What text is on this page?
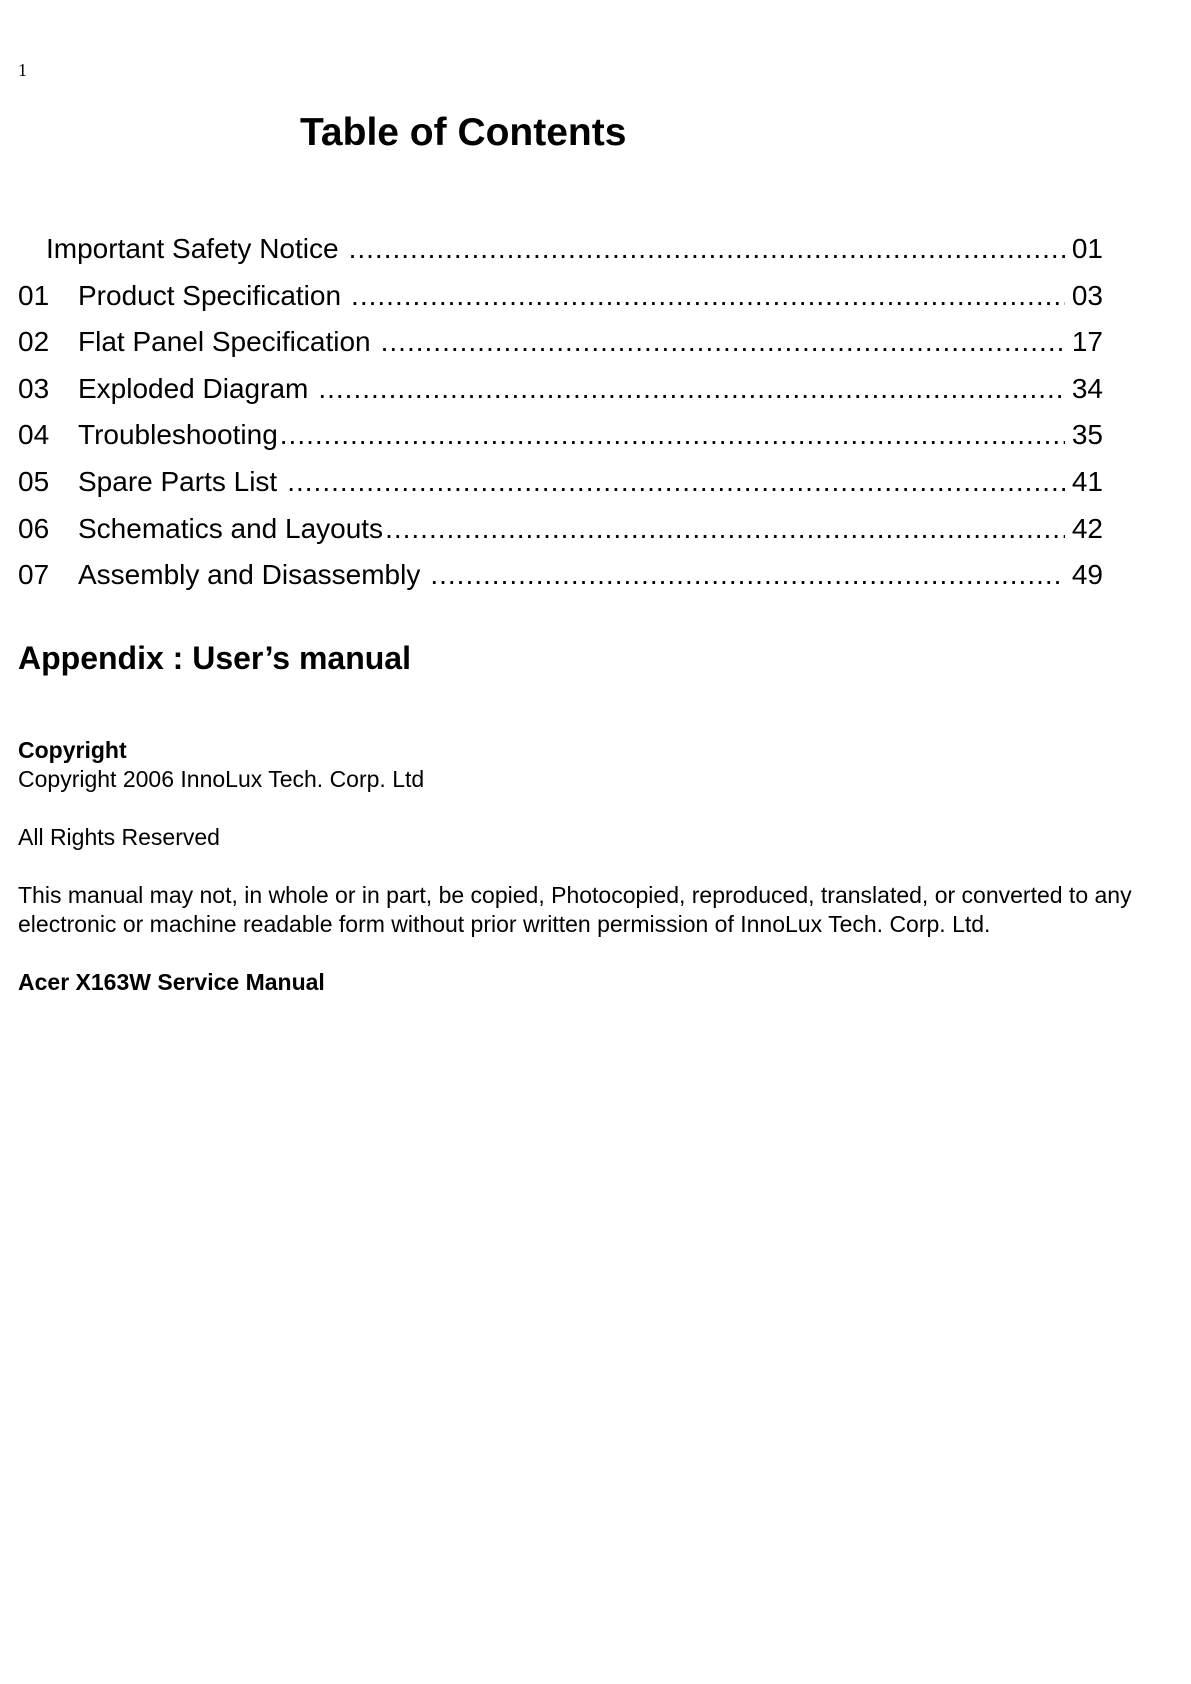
1
Table of Contents
Important Safety Notice .....	01
01	Product Specification .....	03
02	Flat Panel Specification .....	17
03	Exploded Diagram .....	34
04	Troubleshooting .....	35
05	Spare Parts List .....	41
06	Schematics and Layouts .....	42
07	Assembly and Disassembly .....	49
Appendix : User’s manual
Copyright
Copyright 2006 InnoLux Tech. Corp. Ltd
All Rights Reserved
This manual may not, in whole or in part, be copied, Photocopied, reproduced, translated, or converted to any
electronic or machine readable form without prior written permission of InnoLux Tech. Corp. Ltd.
Acer X163W Service Manual
